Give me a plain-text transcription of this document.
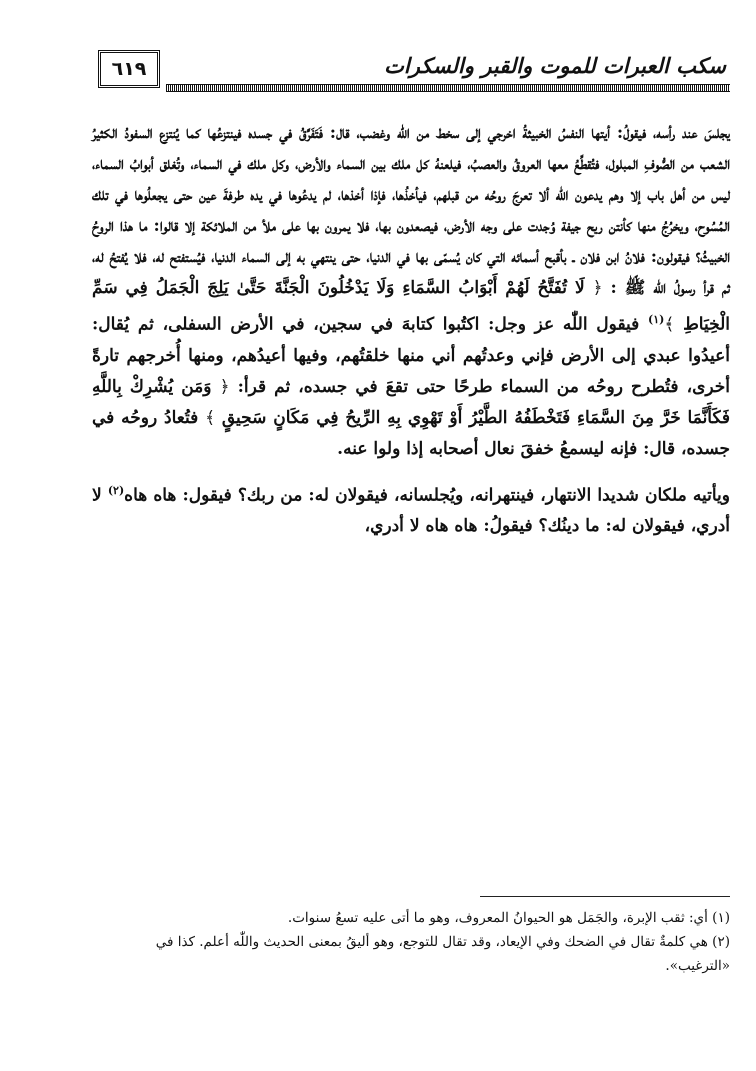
٦١٩	سكب العبرات للموت والقبر والسكرات

يجلسَ عند رأسه، فيقولُ: أيتها النفسُ الخبيثةُ اخرجي إلى سخط من اللّٰه وغضب، قال: فَتَفَرَّقُ في جسده فينتزعُها كما يُنتزع السفودُ الكثيرُ الشعب من الصُّوفِ المبلول، فتُقطِّعُ معها العروقُ والعصبُ، فيلعنهُ كل ملك بين السماء والأرض، وكل ملك في السماء، وتُغلق أبوابُ السماء، ليس من أهل باب إلا وهم يدعون اللّٰه ألا تعرجَ روحُه من قبلهم، فيأخذُها، فإذا أخذها، لم يدعُوها في يده طرفةَ عين حتى يجعلُوها في تلك المُسُوح، ويخرُجُ منها كأنتن ريح جيفة وُجدت على وجه الأرض، فيصعدون بها، فلا يمرون بها على ملأ من الملائكة إلا قالوا: ما هذا الروحُ الخبيثُ؟ فيقولون: فلانُ ابن فلان ـ بأقبح أسمائه التي كان يُسمّى بها في الدنيا، حتى ينتهي به إلى السماء الدنيا، فيُستفتح له، فلا يُفتحُ له، ثم قرأ رسولُ اللّٰه ﷺ : ﴿ لَا تُفَتَّحُ لَهُمْ أَبْوَابُ السَّمَاءِ وَلَا يَدْخُلُونَ الْجَنَّةَ حَتَّىٰ يَلِجَ الْجَمَلُ فِي سَمِّ الْخِيَاطِ ﴾$^{(١)}$ فيقول اللّٰه عز وجل: اكتُبوا كتابهَ في سجين، في الأرض السفلى، ثم يُقال: أعيدُوا عبدي إلى الأرض فإني وعدتُهم أني منها خلقتُهم، وفيها أعيدُهم، ومنها أُخرجهم تارةً أخرى، فتُطرح روحُه من السماء طرحًا حتى تقعَ في جسده، ثم قرأ: ﴿ وَمَن يُشْرِكْ بِاللَّهِ فَكَأَنَّمَا خَرَّ مِنَ السَّمَاءِ فَتَخْطَفُهُ الطَّيْرُ أَوْ تَهْوِي بِهِ الرِّيحُ فِي مَكَانٍ سَحِيقٍ ﴾ فتُعادُ روحُه في جسده، قال: فإنه ليسمعُ خفقَ نعال أصحابه إذا ولوا عنه.

ويأتيه ملكان شديدا الانتهار، فينتهرانه، ويُجلسانه، فيقولان له: من ربك؟ فيقول: هاه هاه$^{(٢)}$ لا أدري، فيقولان له: ما دينُك؟ فيقولُ: هاه هاه لا أدري،

(١) أي: ثقب الإبرة، والجَمَل هو الحيوانُ المعروف، وهو ما أتى عليه تسعُ سنوات.

(٢) هي كلمةٌ تقال في الضحك وفي الإيعاد، وقد تقال للتوجع، وهو أليقُ بمعنى الحديث واللّٰه أعلم. كذا في «الترغيب».
